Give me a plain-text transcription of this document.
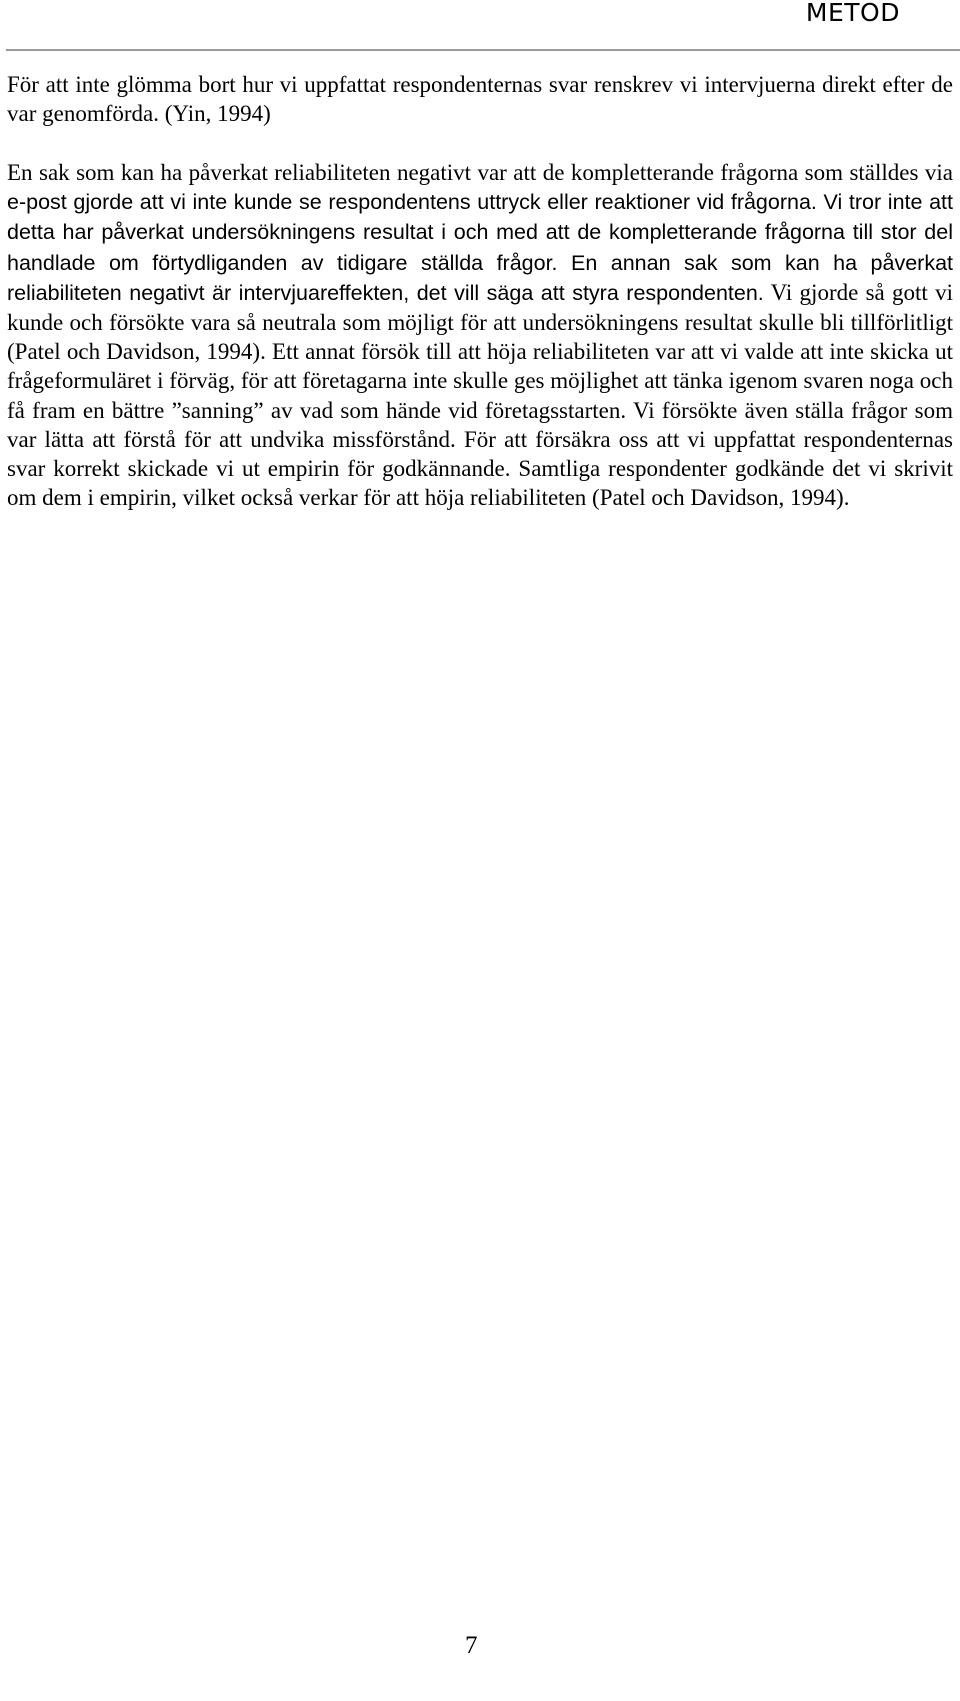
METOD

För att inte glömma bort hur vi uppfattat respondenternas svar renskrev vi intervjuerna direkt efter de var genomförda. (Yin, 1994)

En sak som kan ha påverkat reliabiliteten negativt var att de kompletterande frågorna som ställdes via e-post gjorde att vi inte kunde se respondentens uttryck eller reaktioner vid frågorna. Vi tror inte att detta har påverkat undersökningens resultat i och med att de kompletterande frågorna till stor del handlade om förtydliganden av tidigare ställda frågor. En annan sak som kan ha påverkat reliabiliteten negativt är intervjuareffekten, det vill säga att styra respondenten. Vi gjorde så gott vi kunde och försökte vara så neutrala som möjligt för att undersökningens resultat skulle bli tillförlitligt (Patel och Davidson, 1994). Ett annat försök till att höja reliabiliteten var att vi valde att inte skicka ut frågeformuläret i förväg, för att företagarna inte skulle ges möjlighet att tänka igenom svaren noga och få fram en bättre ”sanning” av vad som hände vid företagsstarten. Vi försökte även ställa frågor som var lätta att förstå för att undvika missförstånd. För att försäkra oss att vi uppfattat respondenternas svar korrekt skickade vi ut empirin för godkännande. Samtliga respondenter godkände det vi skrivit om dem i empirin, vilket också verkar för att höja reliabiliteten (Patel och Davidson, 1994).

7
